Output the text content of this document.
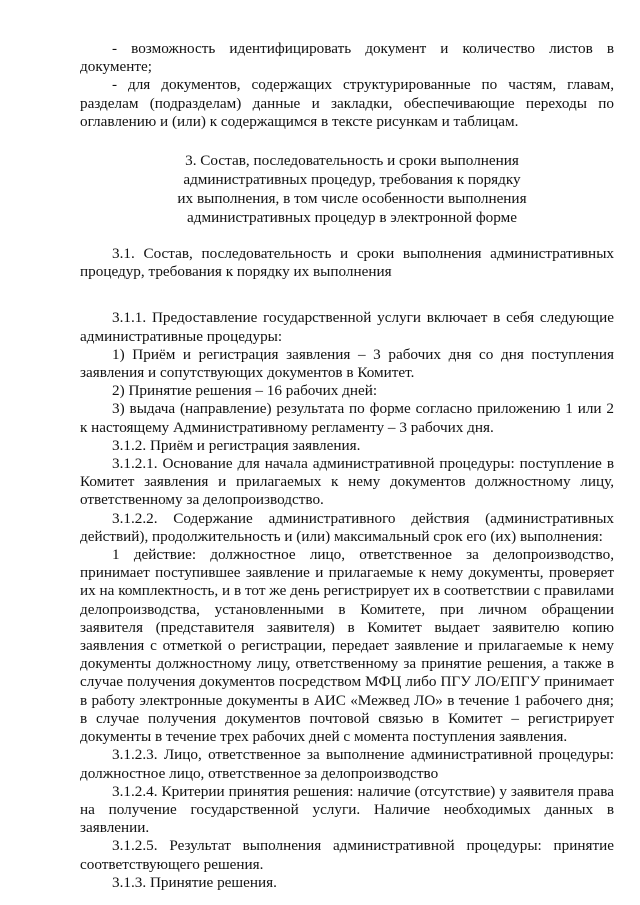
- возможность идентифицировать документ и количество листов в документе;

- для документов, содержащих структурированные по частям, главам, разделам (подразделам) данные и закладки, обеспечивающие переходы по оглавлению и (или) к содержащимся в тексте рисункам и таблицам.

3. Состав, последовательность и сроки выполнения
административных процедур, требования к порядку
их выполнения, в том числе особенности выполнения
административных процедур в электронной форме

3.1. Состав, последовательность и сроки выполнения административных процедур, требования к порядку их выполнения

3.1.1. Предоставление государственной услуги включает в себя следующие административные процедуры:

1) Приём и регистрация заявления – 3 рабочих дня со дня поступления заявления и сопутствующих документов в Комитет.

2) Принятие решения – 16 рабочих дней:

3) выдача (направление) результата по форме согласно приложению 1 или 2 к настоящему Административному регламенту – 3 рабочих дня.

3.1.2. Приём и регистрация заявления.

3.1.2.1. Основание для начала административной процедуры: поступление в Комитет заявления и прилагаемых к нему документов должностному лицу, ответственному за делопроизводство.

3.1.2.2. Содержание административного действия (административных действий), продолжительность и (или) максимальный срок его (их) выполнения:

1 действие: должностное лицо, ответственное за делопроизводство, принимает поступившее заявление и прилагаемые к нему документы, проверяет их на комплектность, и в тот же день регистрирует их в соответствии с правилами делопроизводства, установленными в Комитете, при личном обращении заявителя (представителя заявителя) в Комитет выдает заявителю копию заявления с отметкой о регистрации, передает заявление и прилагаемые к нему документы должностному лицу, ответственному за принятие решения, а также в случае получения документов посредством МФЦ либо ПГУ ЛО/ЕПГУ принимает в работу электронные документы в АИС «Межвед ЛО» в течение 1 рабочего дня; в случае получения документов почтовой связью в Комитет – регистрирует документы в течение трех рабочих дней с момента поступления заявления.

3.1.2.3. Лицо, ответственное за выполнение административной процедуры: должностное лицо, ответственное за делопроизводство

3.1.2.4. Критерии принятия решения: наличие (отсутствие) у заявителя права на получение государственной услуги. Наличие необходимых данных в заявлении.

3.1.2.5. Результат выполнения административной процедуры: принятие соответствующего решения.

3.1.3. Принятие решения.
